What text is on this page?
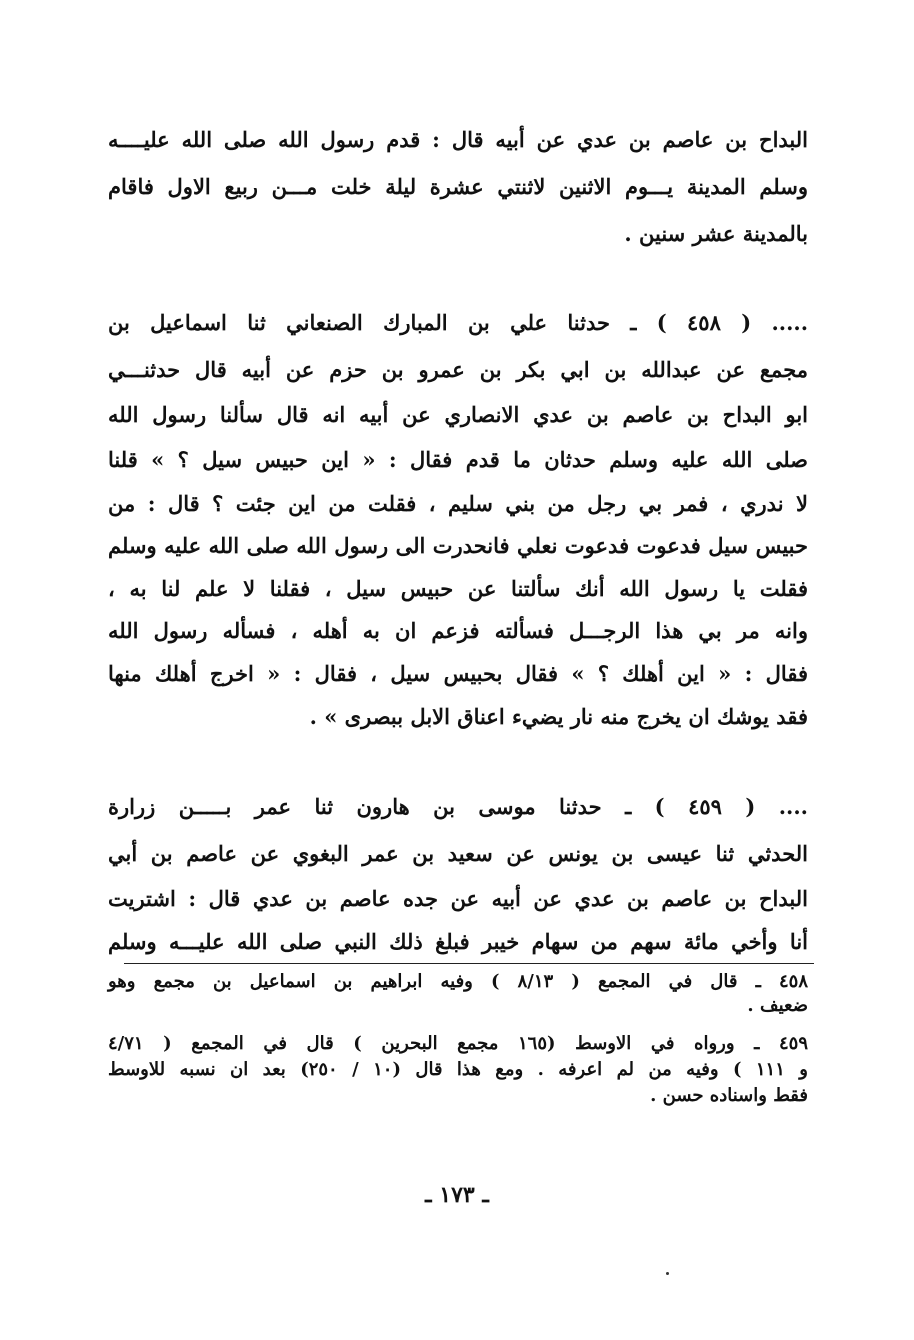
البداح بن عاصم بن عدي عن أبيه قال : قدم رسول الله صلى الله عليــــه
وسلم المدينة يـــوم الاثنين لاثنتي عشرة ليلة خلت مـــن ربيع الاول فاقام
بالمدينة عشر سنين .
..... ( ٤٥٨ ) ـ حدثنا علي بن المبارك الصنعاني ثنا اسماعيل بن
مجمع عن عبدالله بن ابي بكر بن عمرو بن حزم عن أبيه قال حدثنـــي
ابو البداح بن عاصم بن عدي الانصاري عن أبيه انه قال سألنا رسول الله
صلى الله عليه وسلم حدثان ما قدم فقال : « اين حبيس سيل ؟ » قلنا
لا ندري ، فمر بي رجل من بني سليم ، فقلت من اين جئت ؟ قال : من
حبيس سيل فدعوت فدعوت نعلي فانحدرت الى رسول الله صلى الله عليه وسلم
فقلت يا رسول الله أنك سألتنا عن حبيس سيل ، فقلنا لا علم لنا به ،
وانه مر بي هذا الرجـــل فسألته فزعم ان به أهله ، فسأله رسول الله
فقال : « اين أهلك ؟ » فقال بحبيس سيل ، فقال : « اخرج أهلك منها
فقد يوشك ان يخرج منه نار يضيء اعناق الابل ببصرى » .
.... ( ٤٥٩ ) ـ حدثنا موسى بن هارون ثنا عمر بـــــن زرارة
الحدثي ثنا عيسى بن يونس عن سعيد بن عمر البغوي عن عاصم بن أبي
البداح بن عاصم بن عدي عن أبيه عن جده عاصم بن عدي قال : اشتريت
أنا وأخي مائة سهم من سهام خيبر فبلغ ذلك النبي صلى الله عليـــه وسلم
٤٥٨ ـ قال في المجمع ( ٨/١٣ ) وفيه ابراهيم بن اسماعيل بن مجمع وهو
ضعيف .
٤٥٩ ـ ورواه في الاوسط (١٦٥ مجمع البحرين ) قال في المجمع ( ٤/٧١
و ١١١ ) وفيه من لم اعرفه . ومع هذا قال (١٠ / ٢٥٠) بعد ان نسبه للاوسط
فقط واسناده حسن .
ـ ١٧٣ ـ
